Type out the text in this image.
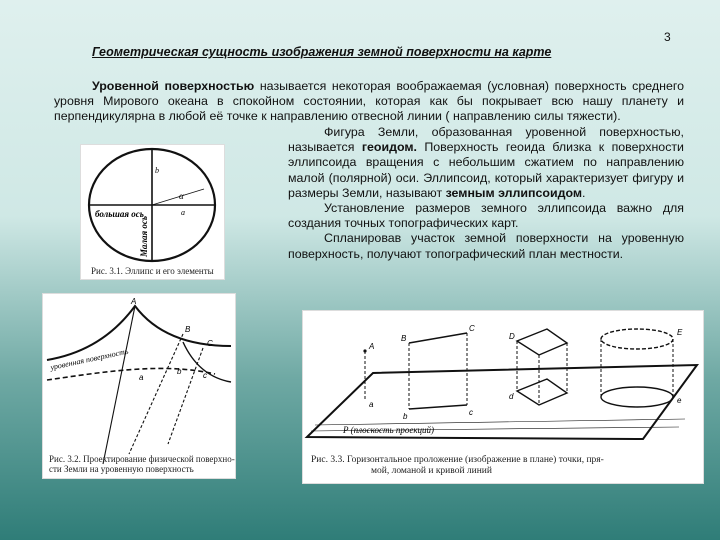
3
Геометрическая сущность изображения земной поверхности на карте
Уровенной поверхностью называется некоторая воображаемая (условная) поверхность среднего уровня Мирового океана в спокойном состоянии, которая как бы покрывает всю нашу планету и перпендикулярна в любой её точке к направлению отвесной линии ( направлению силы тяжести).

Фигура Земли, образованная уровенной поверхностью, называется геоидом. Поверхность геоида близка к поверхности эллипсоида вращения с небольшим сжатием по направлению малой (полярной) оси. Эллипсоид, который характеризует фигуру и размеры Земли, называют земным эллипсоидом.

Установление размеров земного эллипсоида важно для создания точных топографических карт.

Спланировав участок земной поверхности на уровенную поверхность, получают топографический план местности.

b
α
a
большая ось
Малая ось
Рис. 3.1. Эллипс и его элементы
A
B
C
a
b	c
уровенная поверхность
Рис. 3.2. Проектирование физической поверхно-
сти Земли на уровенную поверхность
A
a
B
b
C
c
D
d
E
e
P (плоскость проекций)
Рис. 3.3. Горизонтальное проложение (изображение в плане) точки, пря-
мой, ломаной и кривой линий
